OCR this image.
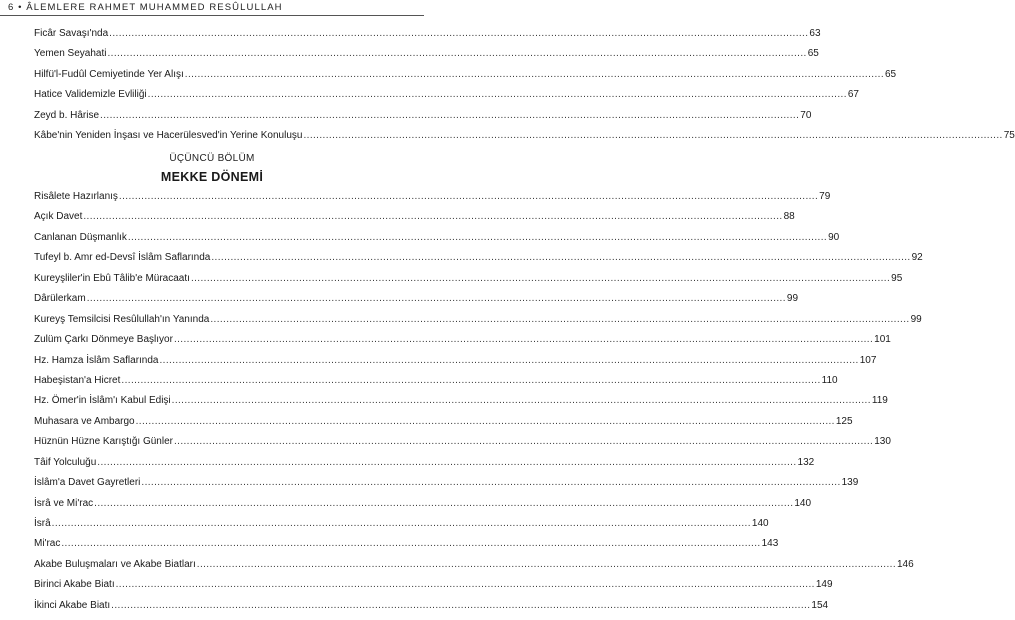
6 • ÂLEMLERE RAHMET MUHAMMED RESÛLULLAH
Ficâr Savaşı'nda ............................................................................................................................................................................................................................ 63
Yemen Seyahati ............................................................................................................................................................................................................................ 65
Hilfü'l-Fudûl Cemiyetinde Yer Alışı ............................................................................................................................................................................................................................ 65
Hatice Validemizle Evliliği ............................................................................................................................................................................................................................ 67
Zeyd b. Hârise ............................................................................................................................................................................................................................ 70
Kâbe'nin Yeniden İnşası ve Hacerülesved'in Yerine Konuluşu ............................................................................................................................................................................................................................ 75
ÜÇÜNCÜ BÖLÜM
MEKKE DÖNEMİ
Risâlete Hazırlanış ............................................................................................................................................................................................................................ 79
Açık Davet ............................................................................................................................................................................................................................ 88
Canlanan Düşmanlık ............................................................................................................................................................................................................................ 90
Tufeyl b. Amr ed-Devsî İslâm Saflarında ............................................................................................................................................................................................................................ 92
Kureyşliler'in Ebû Tâlib'e Müracaatı ............................................................................................................................................................................................................................ 95
Dârülerkam ............................................................................................................................................................................................................................ 99
Kureyş Temsilcisi Resûlullah'ın Yanında ............................................................................................................................................................................................................................ 99
Zulüm Çarkı Dönmeye Başlıyor ............................................................................................................................................................................................................................ 101
Hz. Hamza İslâm Saflarında ............................................................................................................................................................................................................................ 107
Habeşistan'a Hicret ............................................................................................................................................................................................................................ 110
Hz. Ömer'in İslâm'ı Kabul Edişi ............................................................................................................................................................................................................................ 119
Muhasara ve Ambargo ............................................................................................................................................................................................................................ 125
Hüznün Hüzne Karıştığı Günler ............................................................................................................................................................................................................................ 130
Tâif Yolculuğu ............................................................................................................................................................................................................................ 132
İslâm'a Davet Gayretleri ............................................................................................................................................................................................................................ 139
İsrâ ve Mi'rac ............................................................................................................................................................................................................................ 140
İsrâ ............................................................................................................................................................................................................................ 140
Mi'rac ............................................................................................................................................................................................................................ 143
Akabe Buluşmaları ve Akabe Biatları ............................................................................................................................................................................................................................ 146
Birinci Akabe Biatı ............................................................................................................................................................................................................................ 149
İkinci Akabe Biatı ............................................................................................................................................................................................................................ 154
